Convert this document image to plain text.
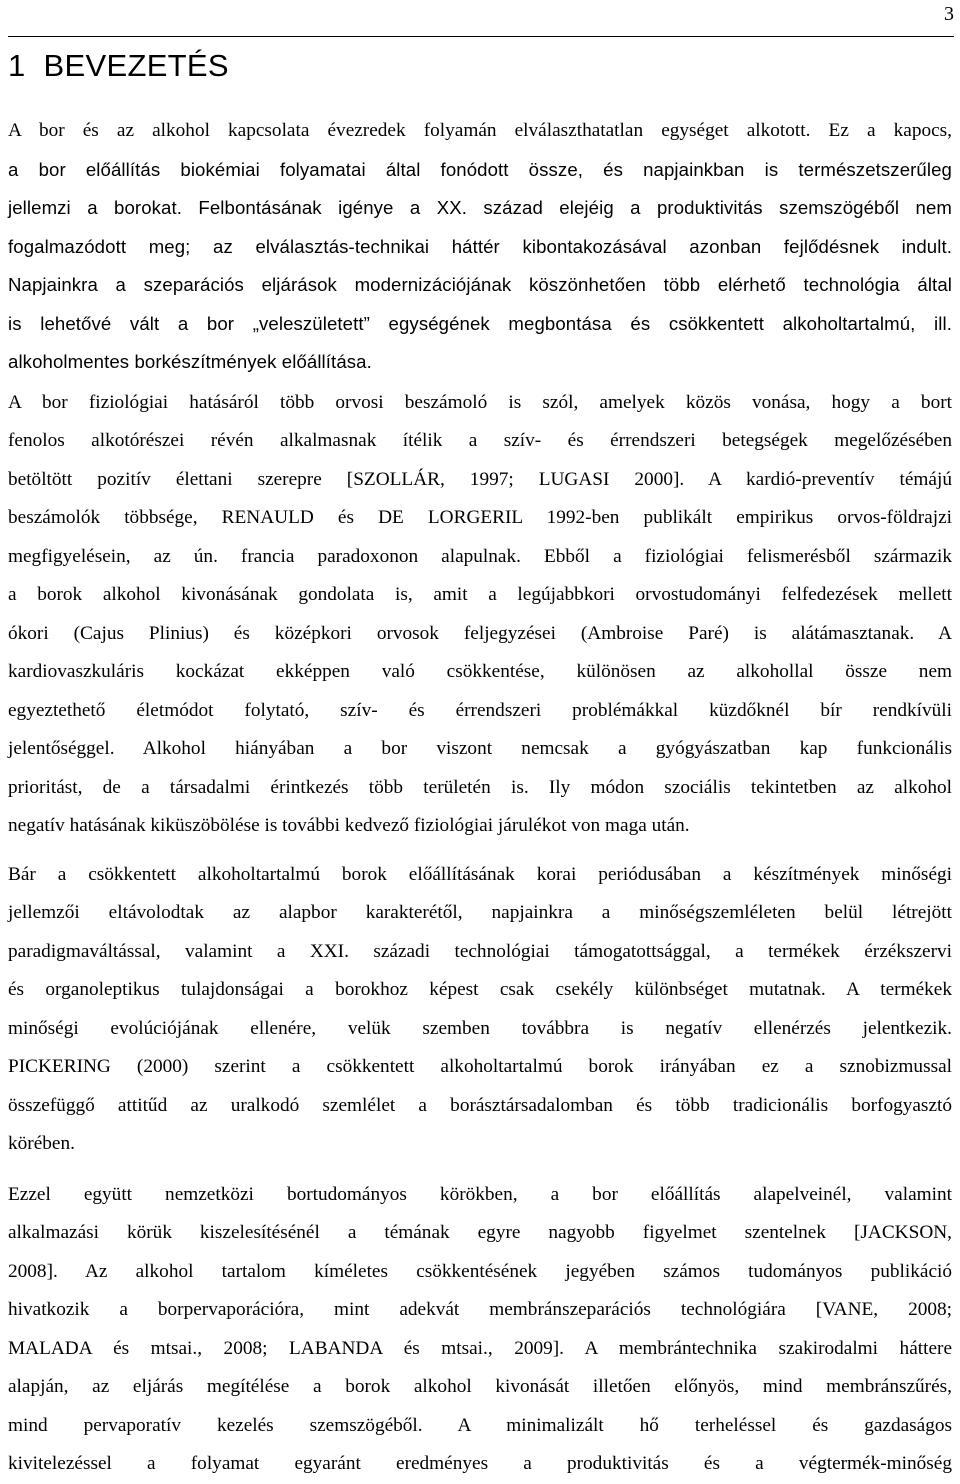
3
1 BEVEZETÉS
A bor és az alkohol kapcsolata évezredek folyamán elválaszthatatlan egységet alkotott. Ez a kapocs,
a bor előállítás biokémiai folyamatai által fonódott össze, és napjainkban is természetszerűleg
jellemzi a borokat. Felbontásának igénye a XX. század elejéig a produktivitás szemszögéből nem
fogalmazódott meg; az elválasztás-technikai háttér kibontakozásával azonban fejlődésnek indult.
Napjainkra a szeparációs eljárások modernizációjának köszönhetően több elérhető technológia által
is lehetővé vált a bor „veleszületett” egységének megbontása és csökkentett alkoholtartalmú, ill.
alkoholmentes borkészítmények előállítása.
A bor fiziológiai hatásáról több orvosi beszámoló is szól, amelyek közös vonása, hogy a bort
fenolos alkotórészei révén alkalmasnak ítélik a szív- és érrendszeri betegségek megelőzésében
betöltött pozitív élettani szerepre [SZOLLÁR, 1997; LUGASI 2000]. A kardió-preventív témájú
beszámolók többsége, RENAULD és DE LORGERIL 1992-ben publikált empirikus orvos-földrajzi
megfigyelésein, az ún. francia paradoxonon alapulnak. Ebből a fiziológiai felismerésből származik
a borok alkohol kivonásának gondolata is, amit a legújabbkori orvostudományi felfedezések mellett
ókori (Cajus Plinius) és középkori orvosok feljegyzései (Ambroise Paré) is alátámasztanak. A
kardiovaszkuláris kockázat ekképpen való csökkentése, különösen az alkohollal össze nem
egyeztethető életmódot folytató, szív- és érrendszeri problémákkal küzdőknél bír rendkívüli
jelentőséggel. Alkohol hiányában a bor viszont nemcsak a gyógyászatban kap funkcionális
prioritást, de a társadalmi érintkezés több területén is. Ily módon szociális tekintetben az alkohol
negatív hatásának kiküszöbölése is további kedvező fiziológiai járulékot von maga után.
Bár a csökkentett alkoholtartalmú borok előállításának korai periódusában a készítmények minőségi
jellemzői eltávolodtak az alapbor karakterétől, napjainkra a minőségszemléleten belül létrejött
paradigmaváltással, valamint a XXI. századi technológiai támogatottsággal, a termékek érzékszervi
és organoleptikus tulajdonságai a borokhoz képest csak csekély különbséget mutatnak. A termékek
minőségi evolúciójának ellenére, velük szemben továbbra is negatív ellenérzés jelentkezik.
PICKERING (2000) szerint a csökkentett alkoholtartalmú borok irányában ez a sznobizmussal
összefüggő attitűd az uralkodó szemlélet a borásztársadalomban és több tradicionális borfogyasztó
körében.
Ezzel együtt nemzetközi bortudományos körökben, a bor előállítás alapelveinél, valamint
alkalmazási körük kiszelesítésénél a témának egyre nagyobb figyelmet szentelnek [JACKSON,
2008]. Az alkohol tartalom kíméletes csökkentésének jegyében számos tudományos publikáció
hivatkozik a borpervaporációra, mint adekvát membránszeparációs technológiára [VANE, 2008;
MALADA és mtsai., 2008; LABANDA és mtsai., 2009]. A membrántechnika szakirodalmi háttere
alapján, az eljárás megítélése a borok alkohol kivonását illetően előnyös, mind membránszűrés,
mind pervaporatív kezelés szemszögéből. A minimalizált hő terheléssel és gazdaságos
kivitelezéssel a folyamat egyaránt eredményes a produktivitás és a végtermék-minőség
